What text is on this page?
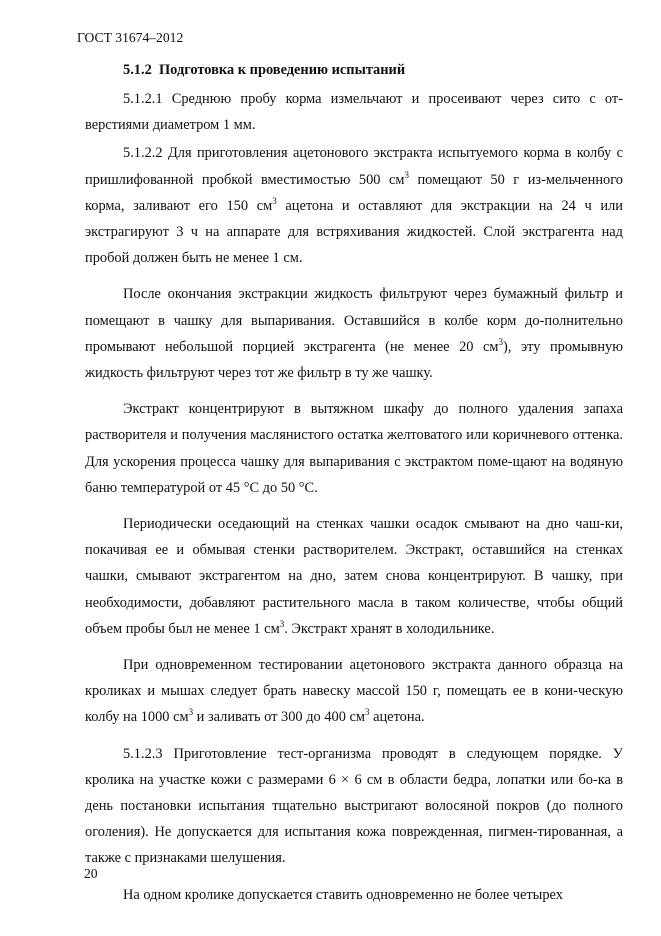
ГОСТ 31674–2012

5.1.2 Подготовка к проведению испытаний

5.1.2.1 Среднюю пробу корма измельчают и просеивают через сито с от-верстиями диаметром 1 мм.

5.1.2.2 Для приготовления ацетонового экстракта испытуемого корма в колбу с пришлифованной пробкой вместимостью 500 $см^3$ помещают 50 г из-мельченного корма, заливают его 150 $см^3$ ацетона и оставляют для экстракции на 24 ч или экстрагируют 3 ч на аппарате для встряхивания жидкостей. Слой экстрагента над пробой должен быть не менее 1 см.

После окончания экстракции жидкость фильтруют через бумажный фильтр и помещают в чашку для выпаривания. Оставшийся в колбе корм до-полнительно промывают небольшой порцией экстрагента (не менее 20 $см^3$), эту промывную жидкость фильтруют через тот же фильтр в ту же чашку.

Экстракт концентрируют в вытяжном шкафу до полного удаления запаха растворителя и получения маслянистого остатка желтоватого или коричневого оттенка. Для ускорения процесса чашку для выпаривания с экстрактом поме-щают на водяную баню температурой от 45 °С до 50 °С.

Периодически оседающий на стенках чашки осадок смывают на дно чаш-ки, покачивая ее и обмывая стенки растворителем. Экстракт, оставшийся на стенках чашки, смывают экстрагентом на дно, затем снова концентрируют. В чашку, при необходимости, добавляют растительного масла в таком количестве, чтобы общий объем пробы был не менее 1 $см^3$. Экстракт хранят в холодильнике.

При одновременном тестировании ацетонового экстракта данного образца на кроликах и мышах следует брать навеску массой 150 г, помещать ее в кони-ческую колбу на 1000 $см^3$ и заливать от 300 до 400 $см^3$ ацетона.

5.1.2.3 Приготовление тест-организма проводят в следующем порядке. У кролика на участке кожи с размерами 6 × 6 см в области бедра, лопатки или бо-ка в день постановки испытания тщательно выстригают волосяной покров (до полного оголения). Не допускается для испытания кожа поврежденная, пигмен-тированная, а также с признаками шелушения.

На одном кролике допускается ставить одновременно не более четырех

20
